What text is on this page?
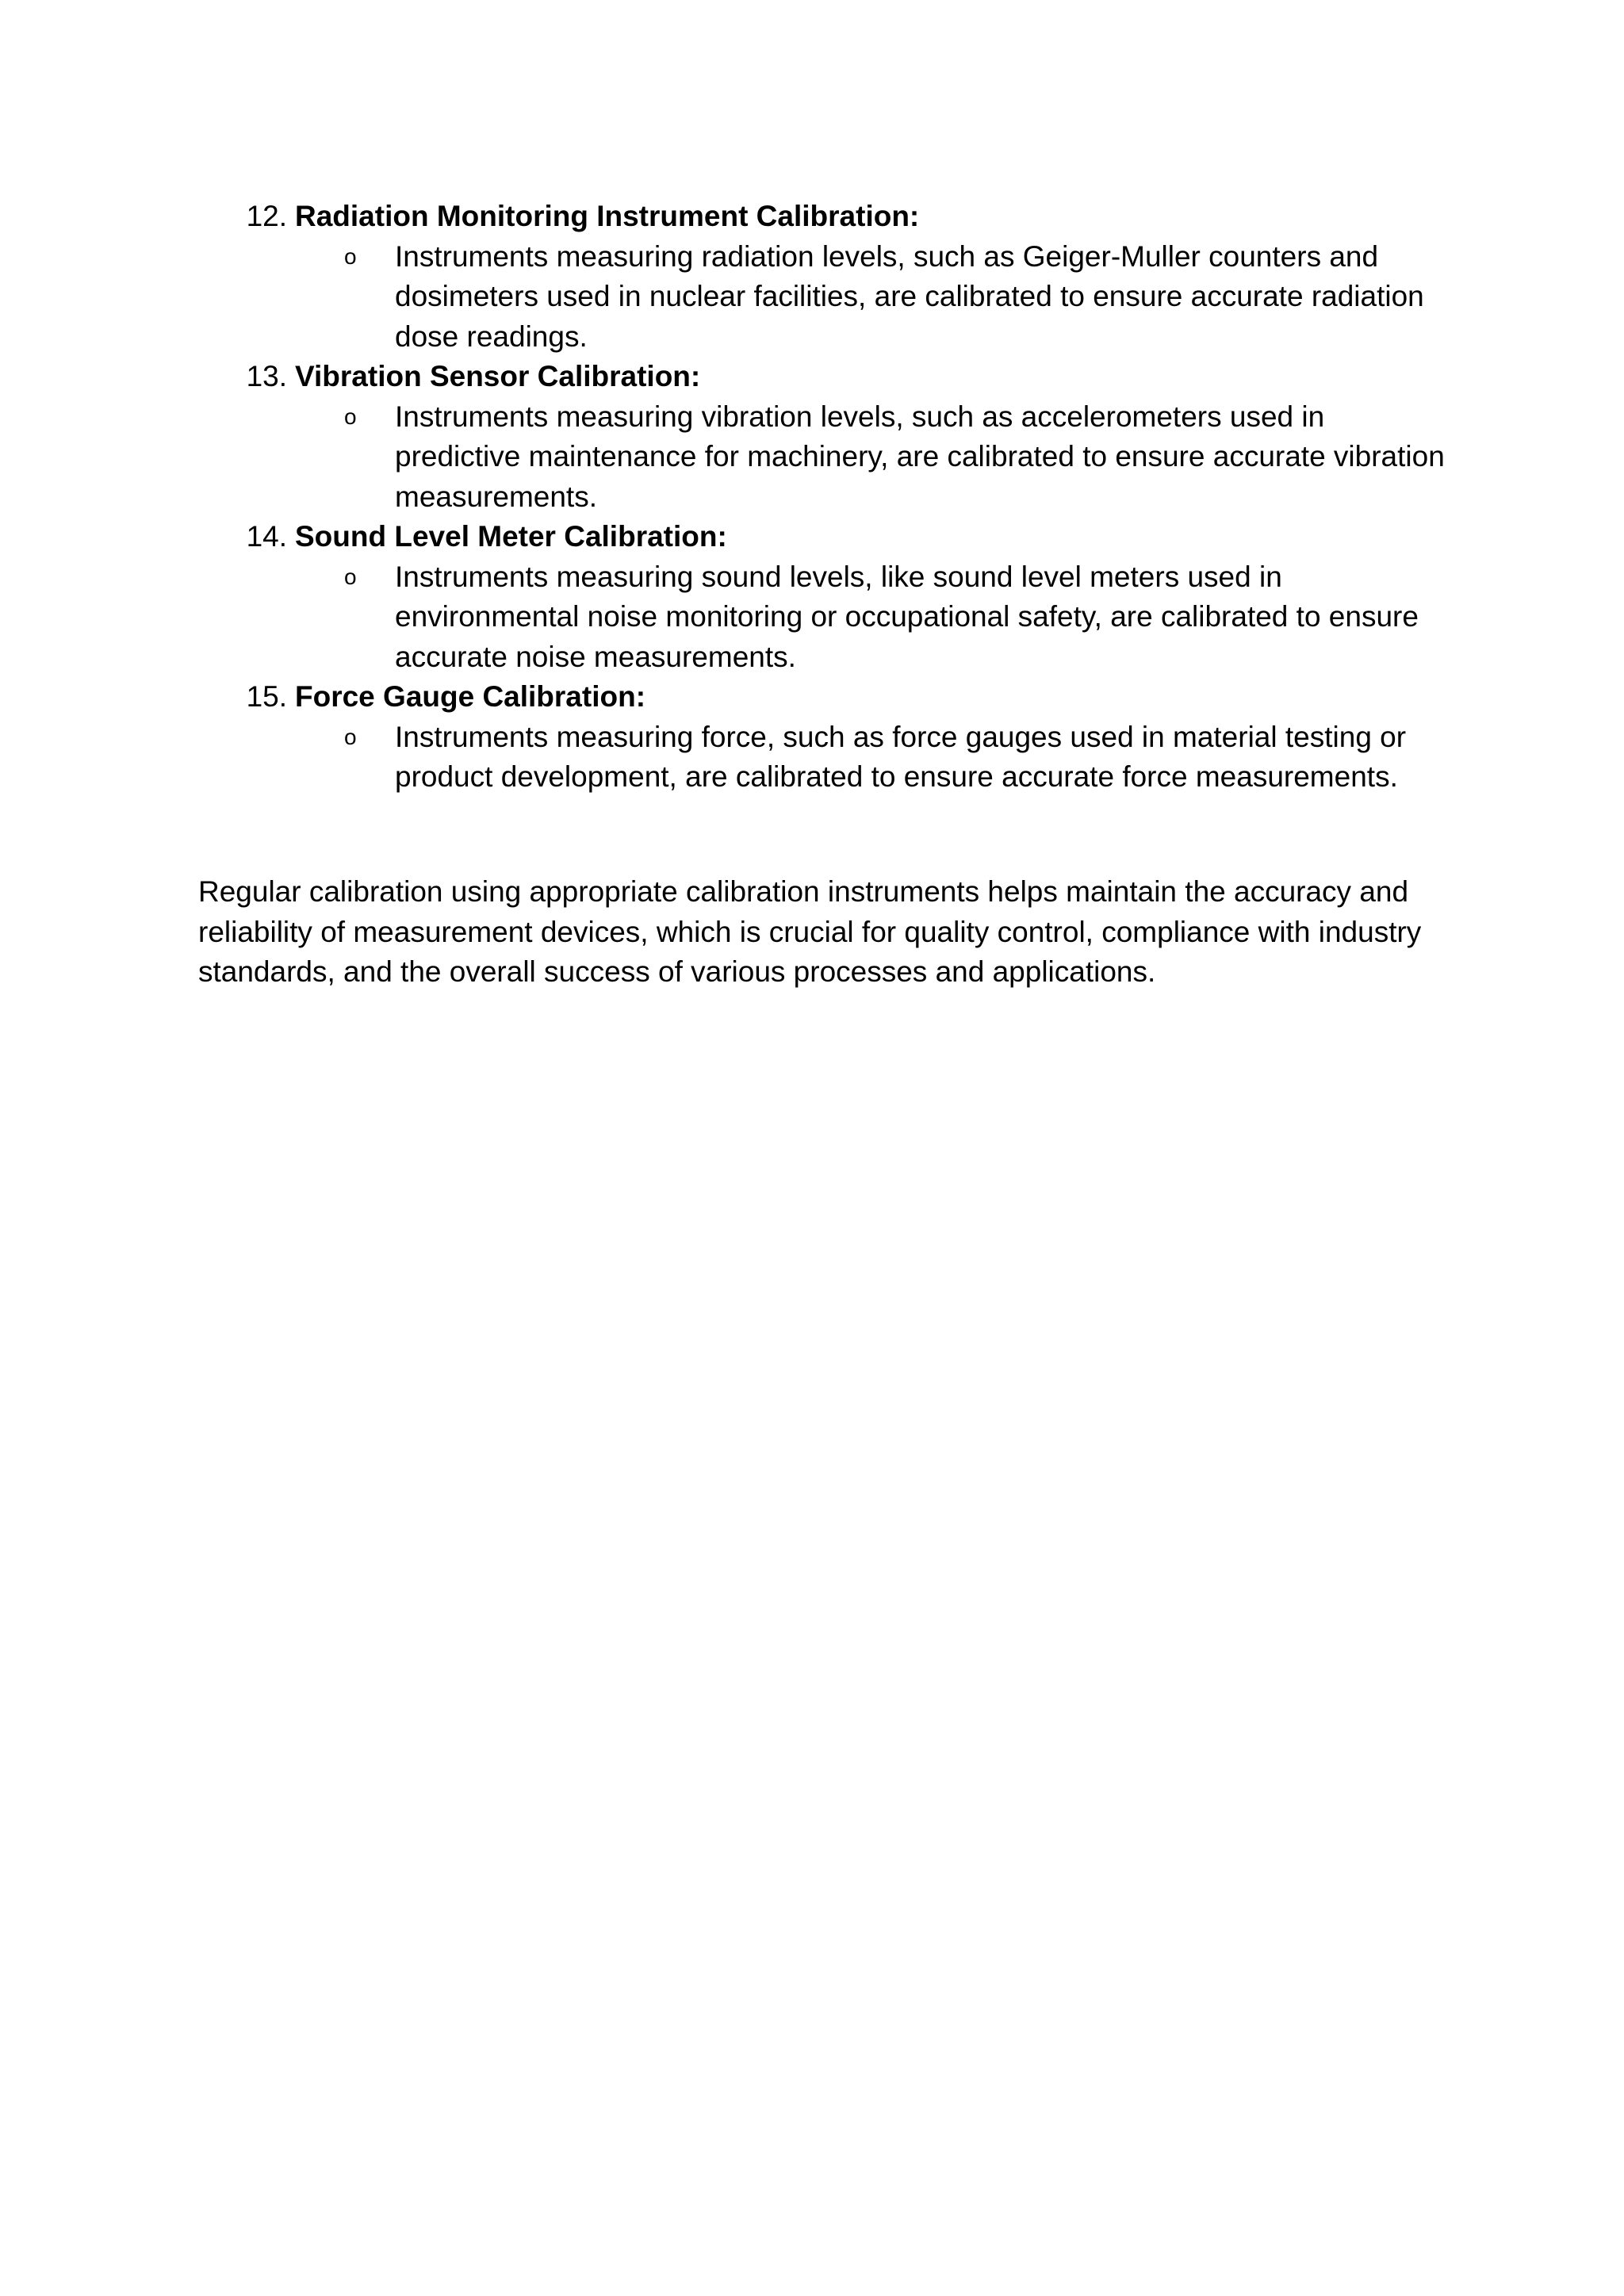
12. Radiation Monitoring Instrument Calibration:
o Instruments measuring radiation levels, such as Geiger-Muller counters and dosimeters used in nuclear facilities, are calibrated to ensure accurate radiation dose readings.
13. Vibration Sensor Calibration:
o Instruments measuring vibration levels, such as accelerometers used in predictive maintenance for machinery, are calibrated to ensure accurate vibration measurements.
14. Sound Level Meter Calibration:
o Instruments measuring sound levels, like sound level meters used in environmental noise monitoring or occupational safety, are calibrated to ensure accurate noise measurements.
15. Force Gauge Calibration:
o Instruments measuring force, such as force gauges used in material testing or product development, are calibrated to ensure accurate force measurements.

Regular calibration using appropriate calibration instruments helps maintain the accuracy and reliability of measurement devices, which is crucial for quality control, compliance with industry standards, and the overall success of various processes and applications.
